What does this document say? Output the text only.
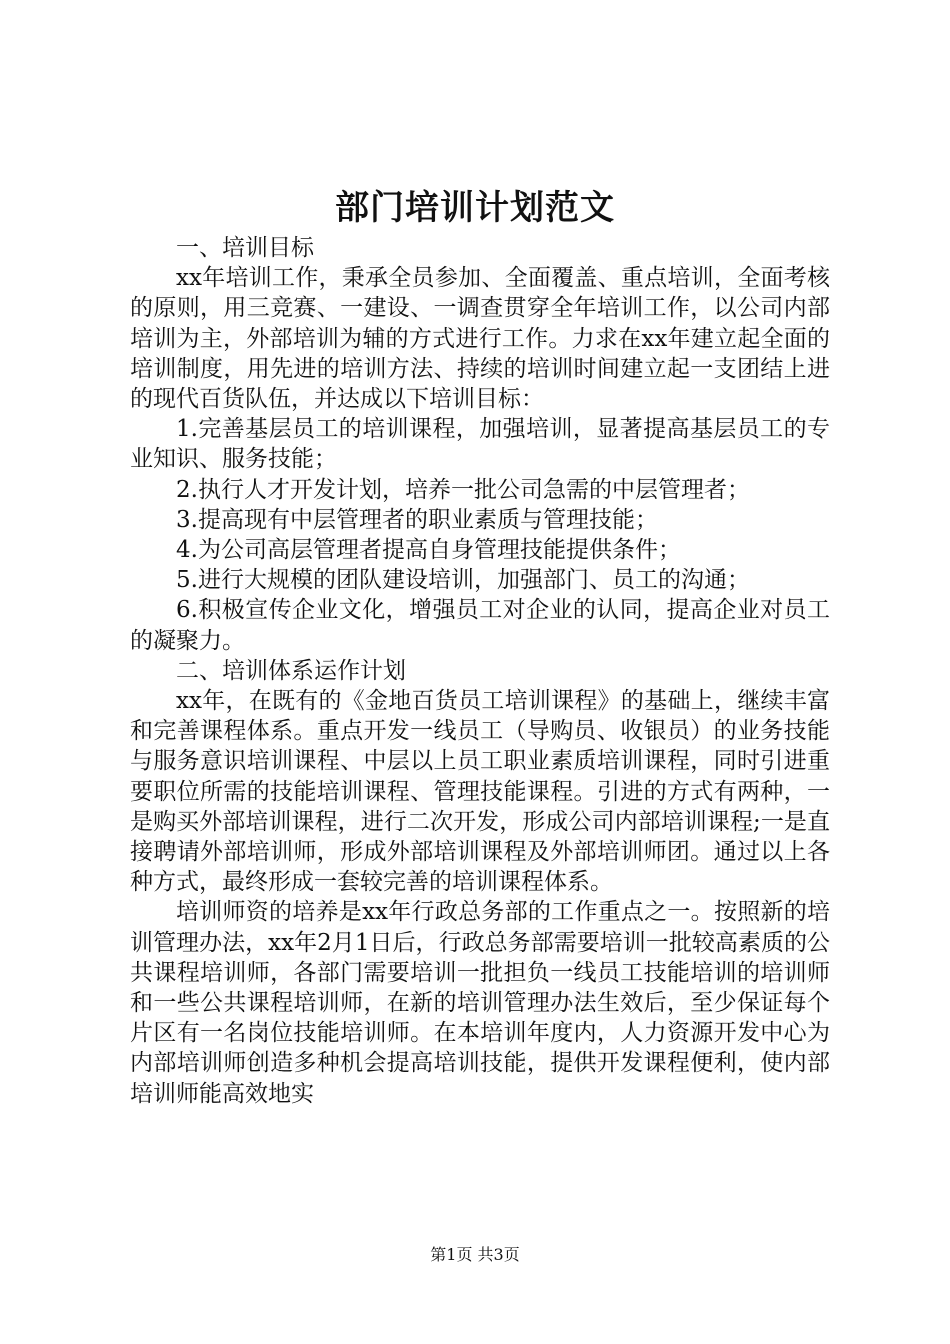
部门培训计划范文

一、培训目标

xx年培训工作，秉承全员参加、全面覆盖、重点培训，全面考核的原则，用三竞赛、一建设、一调查贯穿全年培训工作，以公司内部培训为主，外部培训为辅的方式进行工作。力求在xx年建立起全面的培训制度，用先进的培训方法、持续的培训时间建立起一支团结上进的现代百货队伍，并达成以下培训目标：

1.完善基层员工的培训课程，加强培训，显著提高基层员工的专业知识、服务技能；

2.执行人才开发计划，培养一批公司急需的中层管理者；

3.提高现有中层管理者的职业素质与管理技能；

4.为公司高层管理者提高自身管理技能提供条件；

5.进行大规模的团队建设培训，加强部门、员工的沟通；

6.积极宣传企业文化，增强员工对企业的认同，提高企业对员工的凝聚力。

二、培训体系运作计划

xx年，在既有的《金地百货员工培训课程》的基础上，继续丰富和完善课程体系。重点开发一线员工（导购员、收银员）的业务技能与服务意识培训课程、中层以上员工职业素质培训课程，同时引进重要职位所需的技能培训课程、管理技能课程。引进的方式有两种，一是购买外部培训课程，进行二次开发，形成公司内部培训课程;一是直接聘请外部培训师，形成外部培训课程及外部培训师团。通过以上各种方式，最终形成一套较完善的培训课程体系。

培训师资的培养是xx年行政总务部的工作重点之一。按照新的培训管理办法，xx年2月1日后，行政总务部需要培训一批较高素质的公共课程培训师，各部门需要培训一批担负一线员工技能培训的培训师和一些公共课程培训师，在新的培训管理办法生效后，至少保证每个片区有一名岗位技能培训师。在本培训年度内，人力资源开发中心为内部培训师创造多种机会提高培训技能，提供开发课程便利，使内部培训师能高效地实

第1页 共3页
